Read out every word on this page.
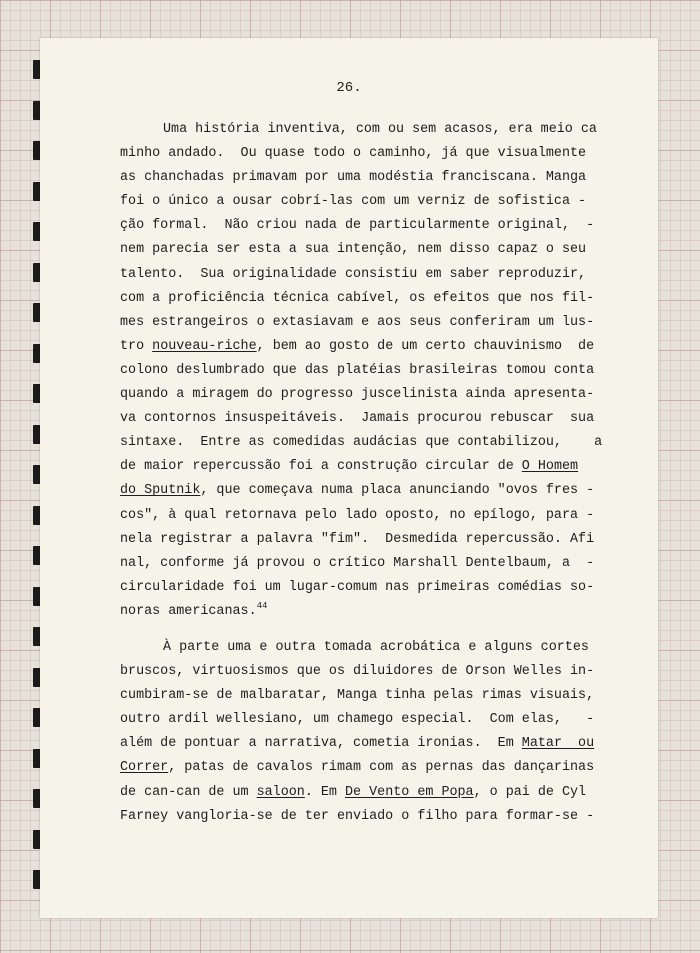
26.
Uma história inventiva, com ou sem acasos, era meio ca
minho andado.  Ou quase todo o caminho, já que visualmente
as chanchadas primavam por uma modéstia franciscana. Manga
foi o único a ousar cobrí-las com um verniz de sofistica -
ção formal.  Não criou nada de particularmente original,  -
nem parecia ser esta a sua intenção, nem disso capaz o seu
talento.  Sua originalidade consistiu em saber reproduzir,
com a proficiência técnica cabível, os efeitos que nos fil-
mes estrangeiros o extasiavam e aos seus conferiram um lus-
tro nouveau-riche, bem ao gosto de um certo chauvinismo  de
colono deslumbrado que das platéias brasileiras tomou conta
quando a miragem do progresso juscelinista ainda apresenta-
va contornos insuspeitáveis.  Jamais procurou rebuscar  sua
sintaxe.  Entre as comedidas audácias que contabilizou,    a
de maior repercussão foi a construção circular de O Homem
do Sputnik, que começava numa placa anunciando "ovos fres -
cos", à qual retornava pelo lado oposto, no epílogo, para -
nela registrar a palavra "fim".  Desmedida repercussão. Afi
nal, conforme já provou o crítico Marshall Dentelbaum, a  -
circularidade foi um lugar-comum nas primeiras comédias so-
noras americanas.$^{44}$
À parte uma e outra tomada acrobática e alguns cortes
bruscos, virtuosismos que os diluidores de Orson Welles in-
cumbiram-se de malbaratar, Manga tinha pelas rimas visuais,
outro ardil wellesiano, um chamego especial.  Com elas,   -
além de pontuar a narrativa, cometia ironias.  Em Matar  ou
Correr, patas de cavalos rimam com as pernas das dançarinas
de can-can de um saloon. Em De Vento em Popa, o pai de Cyl
Farney vangloria-se de ter enviado o filho para formar-se -
